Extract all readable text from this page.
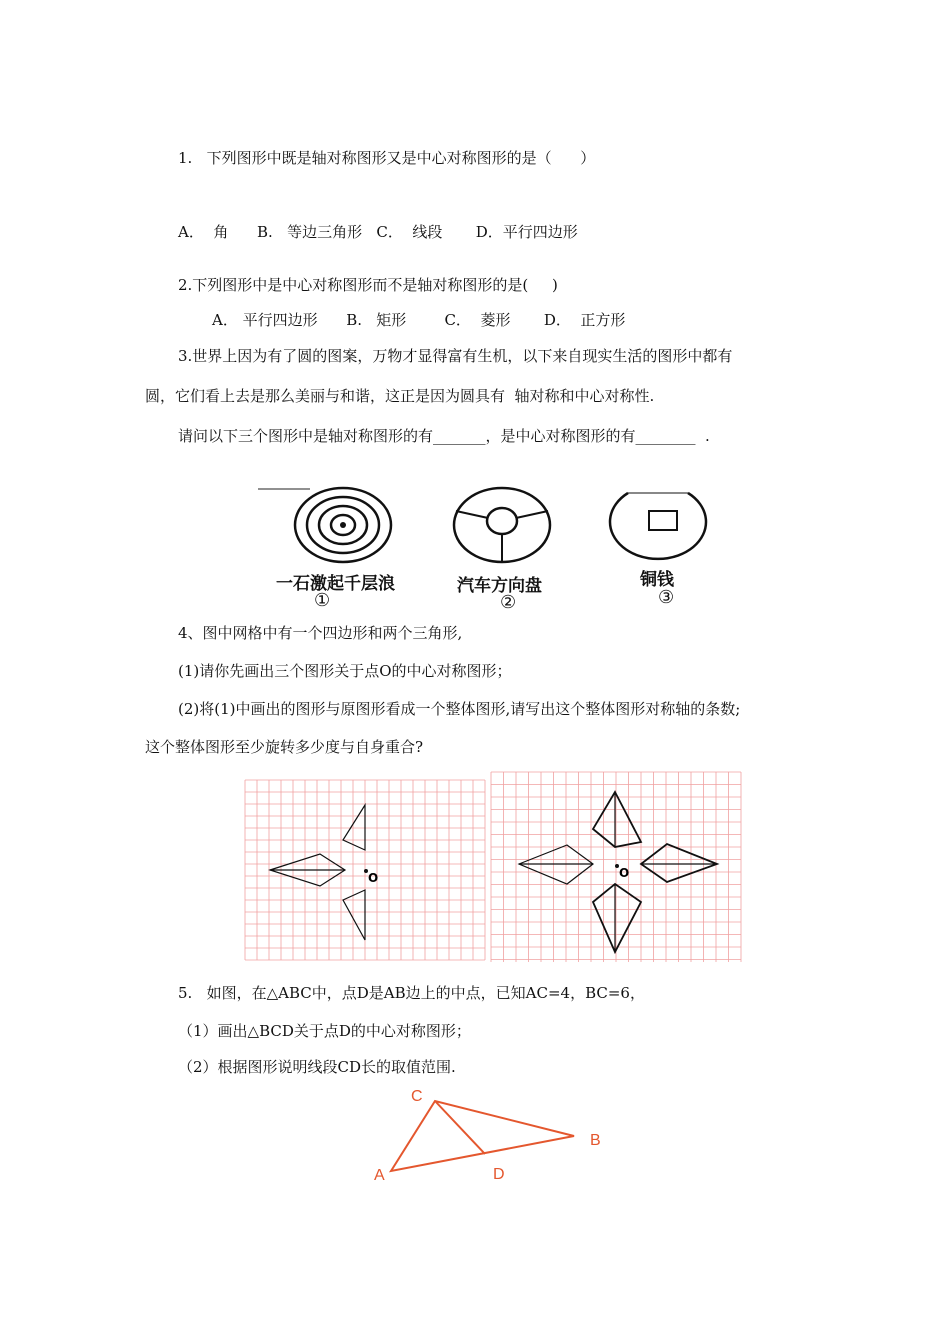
1.   下列图形中既是轴对称图形又是中心对称图形的是（      ）
A．  角      B.   等边三角形   C．  线段       D．平行四边形
2.下列图形中是中心对称图形而不是轴对称图形的是(     )
A． 平行四边形      B.   矩形        C．  菱形       D．  正方形
3.世界上因为有了圆的图案，万物才显得富有生机，以下来自现实生活的图形中都有
圆，它们看上去是那么美丽与和谐，这正是因为圆具有  轴对称和中心对称性.
请问以下三个图形中是轴对称图形的有_______，是中心对称图形的有________  .
一石激起千层浪
①
汽车方向盘
②
铜钱
③
4、图中网格中有一个四边形和两个三角形,
(1)请你先画出三个图形关于点O的中心对称图形；
(2)将(1)中画出的图形与原图形看成一个整体图形,请写出这个整体图形对称轴的条数;
这个整体图形至少旋转多少度与自身重合?
O	O
5.   如图，在△ABC中，点D是AB边上的中点，已知AC=4，BC=6，
（1）画出△BCD关于点D的中心对称图形；
（2）根据图形说明线段CD长的取值范围.
C
B
A	D
